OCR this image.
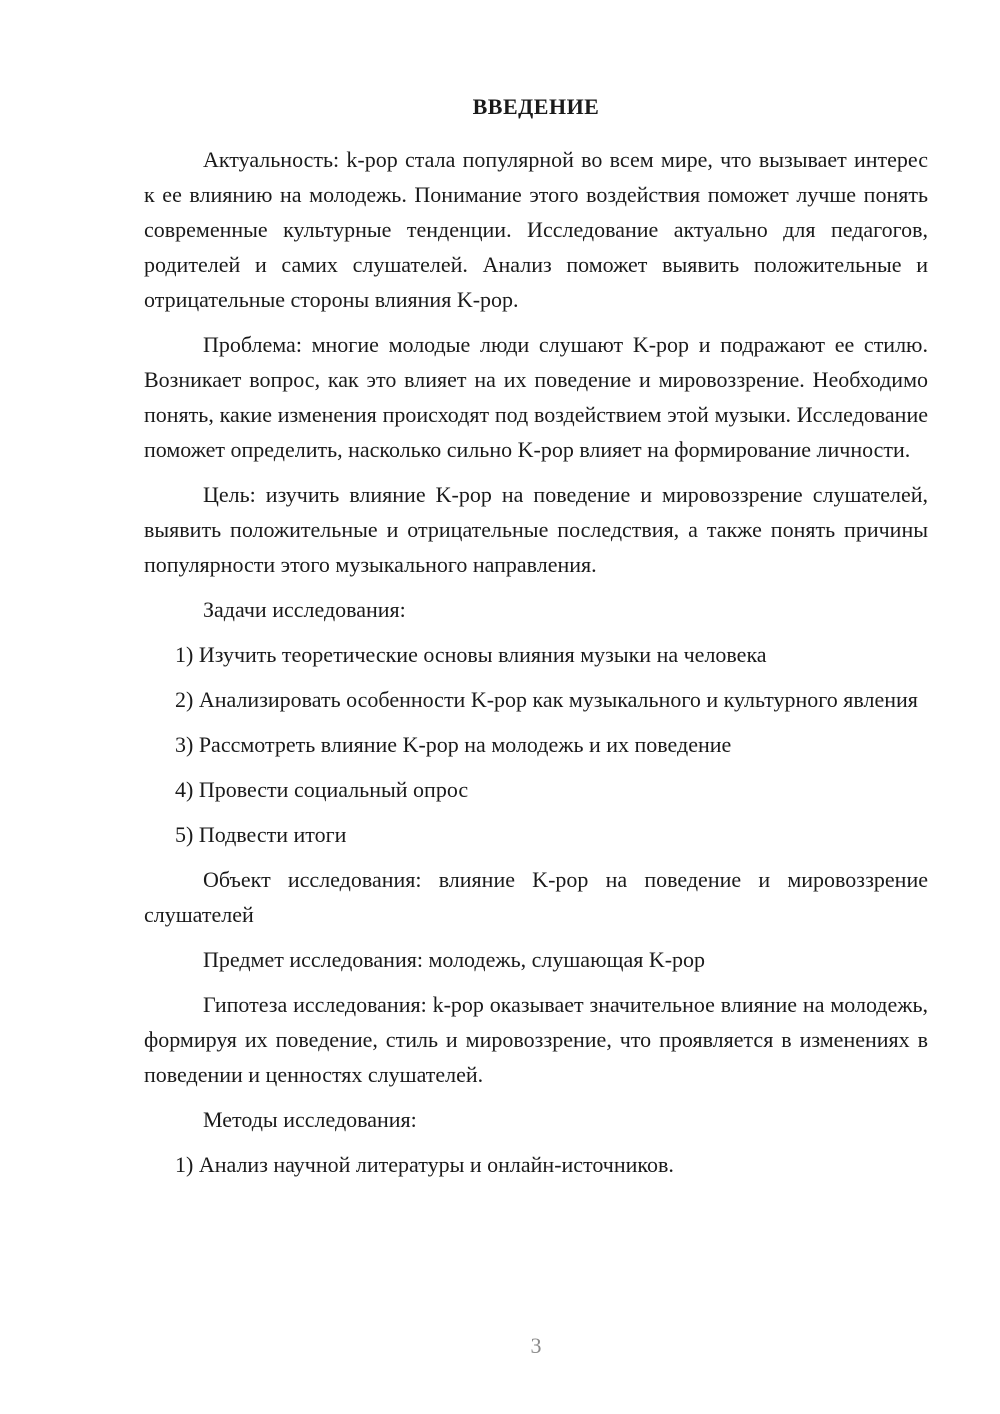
ВВЕДЕНИЕ

Актуальность: k-pop стала популярной во всем мире, что вызывает интерес к ее влиянию на молодежь. Понимание этого воздействия поможет лучше понять современные культурные тенденции. Исследование актуально для педагогов, родителей и самих слушателей. Анализ поможет выявить положительные и отрицательные стороны влияния K-pop.

Проблема: многие молодые люди слушают K-pop и подражают ее стилю. Возникает вопрос, как это влияет на их поведение и мировоззрение. Необходимо понять, какие изменения происходят под воздействием этой музыки. Исследование поможет определить, насколько сильно K-pop влияет на формирование личности.

Цель: изучить влияние K-pop на поведение и мировоззрение слушателей, выявить положительные и отрицательные последствия, а также понять причины популярности этого музыкального направления.

Задачи исследования:

1) Изучить теоретические основы влияния музыки на человека

2) Анализировать особенности K-pop как музыкального и культурного явления

3) Рассмотреть влияние K-pop на молодежь и их поведение

4) Провести социальный опрос

5) Подвести итоги

Объект исследования: влияние K-pop на поведение и мировоззрение слушателей

Предмет исследования: молодежь, слушающая K-pop

Гипотеза исследования: k-pop оказывает значительное влияние на молодежь, формируя их поведение, стиль и мировоззрение, что проявляется в изменениях в поведении и ценностях слушателей.

Методы исследования:

1) Анализ научной литературы и онлайн-источников.

3
